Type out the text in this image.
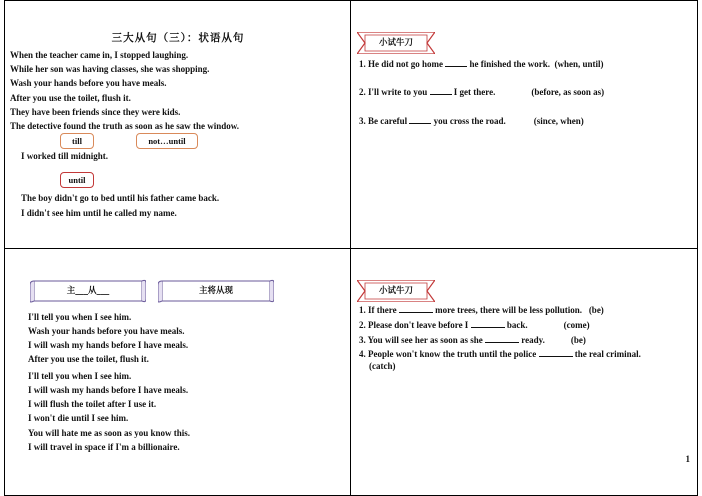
三大从句（三）：状语从句
When the teacher came in, I stopped laughing.
While her son was having classes, she was shopping.
Wash your hands before you have meals.
After you use the toilet, flush it.
They have been friends since they were kids.
The detective found the truth as soon as he saw the window.
till	not…until
I worked till midnight.
until
The boy didn't go to bed until his father came back.
I didn't see him until he called my name.
小试牛刀
1. He did not go home	he finished the work. (when, until)
2. I'll write to you	I get there.	(before, as soon as)
3. Be careful	you cross the road.	(since, when)
主___从___	主将从现
I'll tell you when I see him.
Wash your hands before you have meals.
I will wash my hands before I have meals.
After you use the toilet, flush it.
I'll tell you when I see him.
I will wash my hands before I have meals.
I will flush the toilet after I use it.
I won't die until I see him.
You will hate me as soon as you know this.
I will travel in space if I'm a billionaire.
小试牛刀
1. If there	more trees, there will be less pollution. (be)
2. Please don't leave before I	back.	(come)
3. You will see her as soon as she	ready.	(be)
4. People won't know the truth until the police	the real criminal.
(catch)
1
